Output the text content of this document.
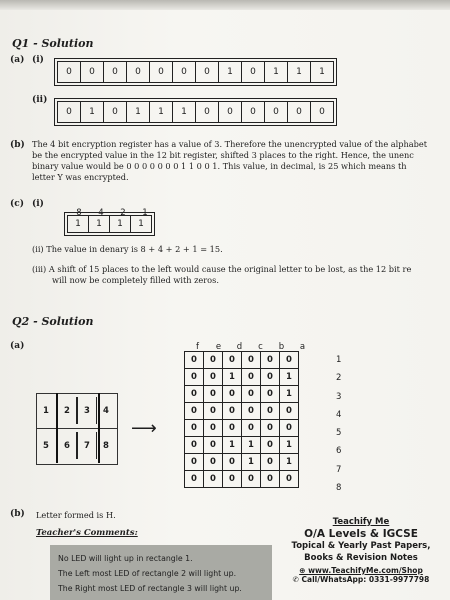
Q1 - Solution
(a) (i)
0	0	0	0	0	0	0	1	0	1	1	1
(ii)
0	1	0	1	1	1	0	0	0	0	0	0
(b) The 4 bit encryption register has a value of 3. Therefore the unencrypted value of the alphabet
be the encrypted value in the 12 bit register, shifted 3 places to the right. Hence, the unenc
binary value would be 0 0 0 0 0 0 0 1 1 0 0 1. This value, in decimal, is 25 which means th
letter Y was encrypted.
(c) (i)
8 4 2 1
1	1	1	1
(ii) The value in denary is 8 + 4 + 2 + 1 = 15.
(iii) A shift of 15 places to the left would cause the original letter to be lost, as the 12 bit re
will now be completely filled with zeros.
Q2 - Solution
(a)
1	2	3	4
5	6	7	8
⟶
f e d c b a
0	0	0	0	0	0
0	0	1	0	0	1
0	0	0	0	0	1
0	0	0	0	0	0
0	0	0	0	0	0
0	0	1	1	0	1
0	0	0	1	0	1
0	0	0	0	0	0
1
2
3
4
5
6
7
8
(b) Letter formed is H.
Teacher's Comments:
No LED will light up in rectangle 1.
The Left most LED of rectangle 2 will light up.
The Right most LED of rectangle 3 will light up.
Teachify Me
O/A Levels & IGCSE
Topical & Yearly Past Papers,
Books & Revision Notes
⊕ www.TeachifyMe.com/Shop
✆ Call/WhatsApp: 0331-9977798
